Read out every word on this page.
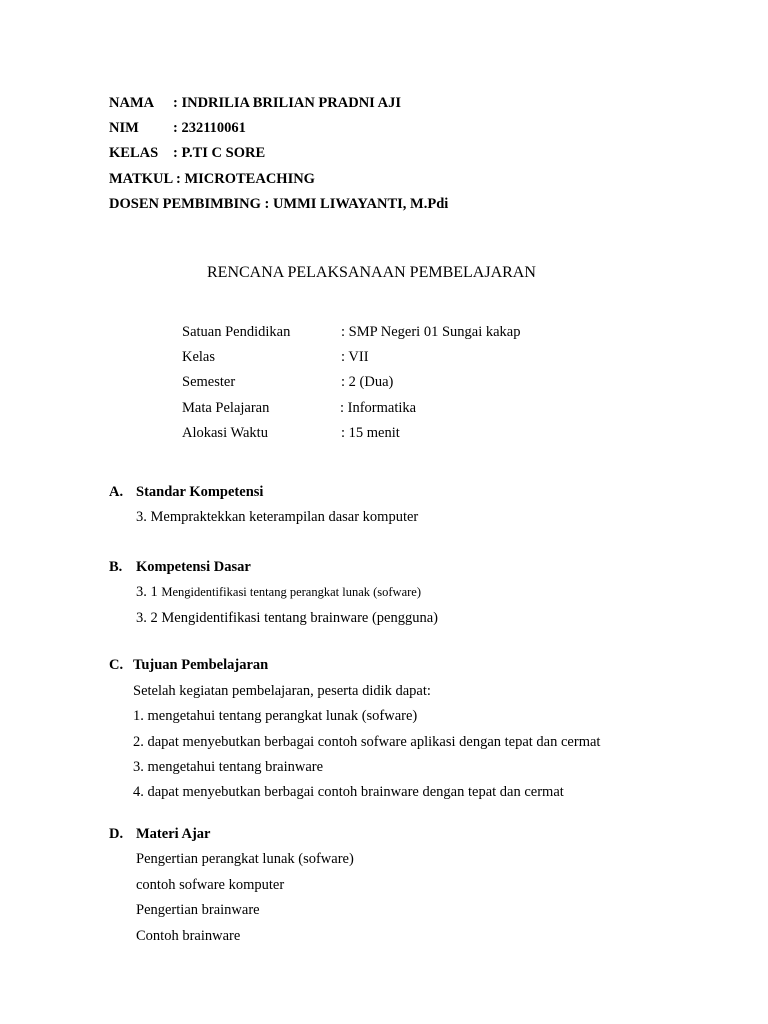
NAMA : INDRILIA BRILIAN PRADNI AJI
NIM : 232110061
KELAS : P.TI C SORE
MATKUL : MICROTEACHING
DOSEN PEMBIMBING : UMMI LIWAYANTI, M.Pdi
RENCANA PELAKSANAAN PEMBELAJARAN
Satuan Pendidikan	: SMP Negeri 01 Sungai kakap
Kelas	: VII
Semester	: 2 (Dua)
Mata Pelajaran	: Informatika
Alokasi Waktu	: 15 menit
A. Standar Kompetensi
3. Mempraktekkan keterampilan dasar komputer
B. Kompetensi Dasar
3. 1 Mengidentifikasi tentang perangkat lunak (sofware)
3. 2 Mengidentifikasi tentang brainware (pengguna)
C. Tujuan Pembelajaran
Setelah kegiatan pembelajaran, peserta didik dapat:
1. mengetahui tentang perangkat lunak (sofware)
2. dapat menyebutkan berbagai contoh sofware aplikasi dengan tepat dan cermat
3. mengetahui tentang brainware
4. dapat menyebutkan berbagai contoh brainware dengan tepat dan cermat
D. Materi Ajar
Pengertian perangkat lunak (sofware)
contoh sofware komputer
Pengertian brainware
Contoh brainware
